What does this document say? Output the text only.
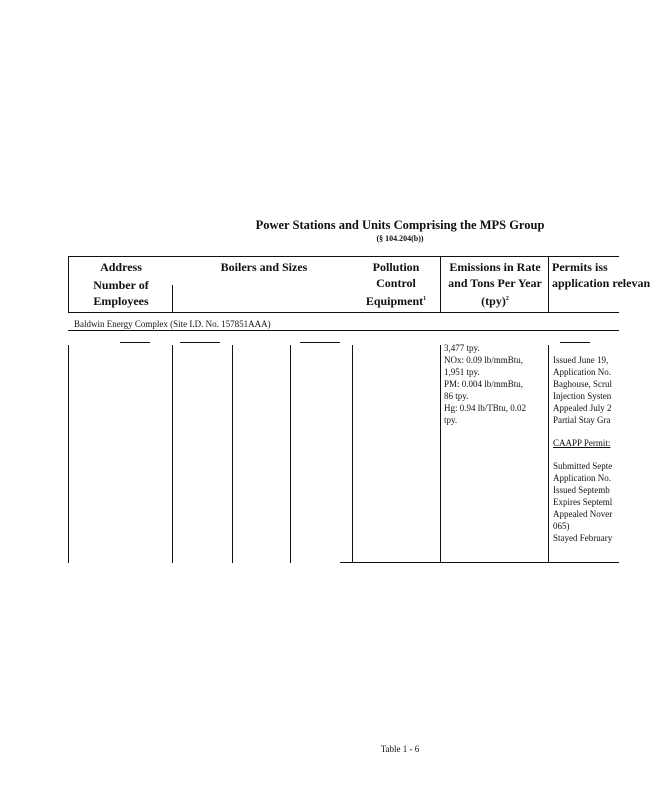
Power Stations and Units Comprising the MPS Group
(§ 104.204(b))
Address
Number of Employees
Boilers and Sizes	Pollution Control Equipment$^1$
Emissions in Rate and Tons Per Year (tpy)$^2$
Permits iss application relevan
Baldwin Energy Complex (Site I.D. No. 157851AAA)
3,477 tpy.
NOx: 0.09 lb/mmBtu,
1,951 tpy.
PM: 0.004 lb/mmBtu,
86 tpy.
Hg: 0.94 lb/TBtu, 0.02
tpy.
Issued June 19,
Application No.
Baghouse, Scrul
Injection Systen
Appealed July 2
Partial Stay Gra
CAAPP Permit:
Submitted Septe
Application No.
Issued Septemb
Expires Septeml
Appealed Nover
065)
Stayed February
Table 1 - 6
